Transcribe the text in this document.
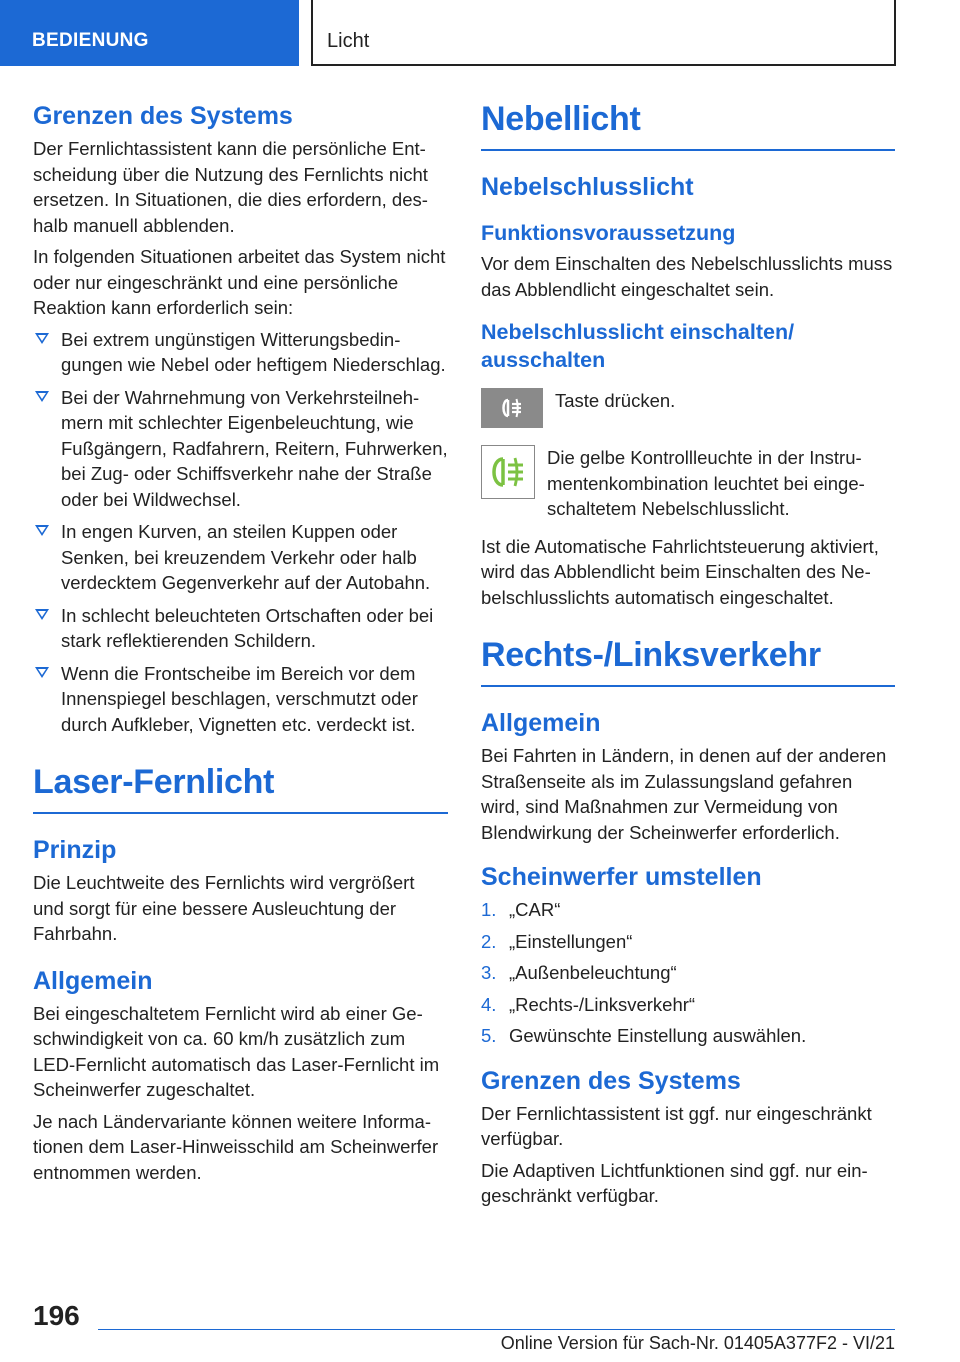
BEDIENUNG	Licht
Grenzen des Systems

Der Fernlichtassistent kann die persönliche Entscheidung über die Nutzung des Fernlichts nicht ersetzen. In Situationen, die dies erfordern, deshalb manuell abblenden.

In folgenden Situationen arbeitet das System nicht oder nur eingeschränkt und eine persönliche Reaktion kann erforderlich sein:

Bei extrem ungünstigen Witterungsbedingungen wie Nebel oder heftigem Niederschlag.
Bei der Wahrnehmung von Verkehrsteilnehmern mit schlechter Eigenbeleuchtung, wie Fußgängern, Radfahrern, Reitern, Fuhrwerken, bei Zug- oder Schiffsverkehr nahe der Straße oder bei Wildwechsel.
In engen Kurven, an steilen Kuppen oder Senken, bei kreuzendem Verkehr oder halb verdecktem Gegenverkehr auf der Autobahn.
In schlecht beleuchteten Ortschaften oder bei stark reflektierenden Schildern.
Wenn die Frontscheibe im Bereich vor dem Innenspiegel beschlagen, verschmutzt oder durch Aufkleber, Vignetten etc. verdeckt ist.
Laser-Fernlicht
Prinzip

Die Leuchtweite des Fernlichts wird vergrößert und sorgt für eine bessere Ausleuchtung der Fahrbahn.

Allgemein

Bei eingeschaltetem Fernlicht wird ab einer Geschwindigkeit von ca. 60 km/h zusätzlich zum LED-Fernlicht automatisch das Laser-Fernlicht im Scheinwerfer zugeschaltet.

Je nach Ländervariante können weitere Informationen dem Laser-Hinweisschild am Scheinwerfer entnommen werden.

Nebellicht
Nebelschlusslicht
Funktionsvoraussetzung

Vor dem Einschalten des Nebelschlusslichts muss das Abblendlicht eingeschaltet sein.

Nebelschlusslicht einschalten/ ausschalten

Taste drücken.

Die gelbe Kontrollleuchte in der Instrumentenkombination leuchtet bei eingeschaltetem Nebelschlusslicht.

Ist die Automatische Fahrlichtsteuerung aktiviert, wird das Abblendlicht beim Einschalten des Nebelschlusslichts automatisch eingeschaltet.

Rechts-/Linksverkehr
Allgemein

Bei Fahrten in Ländern, in denen auf der anderen Straßenseite als im Zulassungsland gefahren wird, sind Maßnahmen zur Vermeidung von Blendwirkung der Scheinwerfer erforderlich.

Scheinwerfer umstellen
1. „CAR“
2. „Einstellungen“
3. „Außenbeleuchtung“
4. „Rechts-/Linksverkehr“
5. Gewünschte Einstellung auswählen.
Grenzen des Systems

Der Fernlichtassistent ist ggf. nur eingeschränkt verfügbar.

Die Adaptiven Lichtfunktionen sind ggf. nur eingeschränkt verfügbar.

196
Online Version für Sach-Nr. 01405A377F2 - VI/21
